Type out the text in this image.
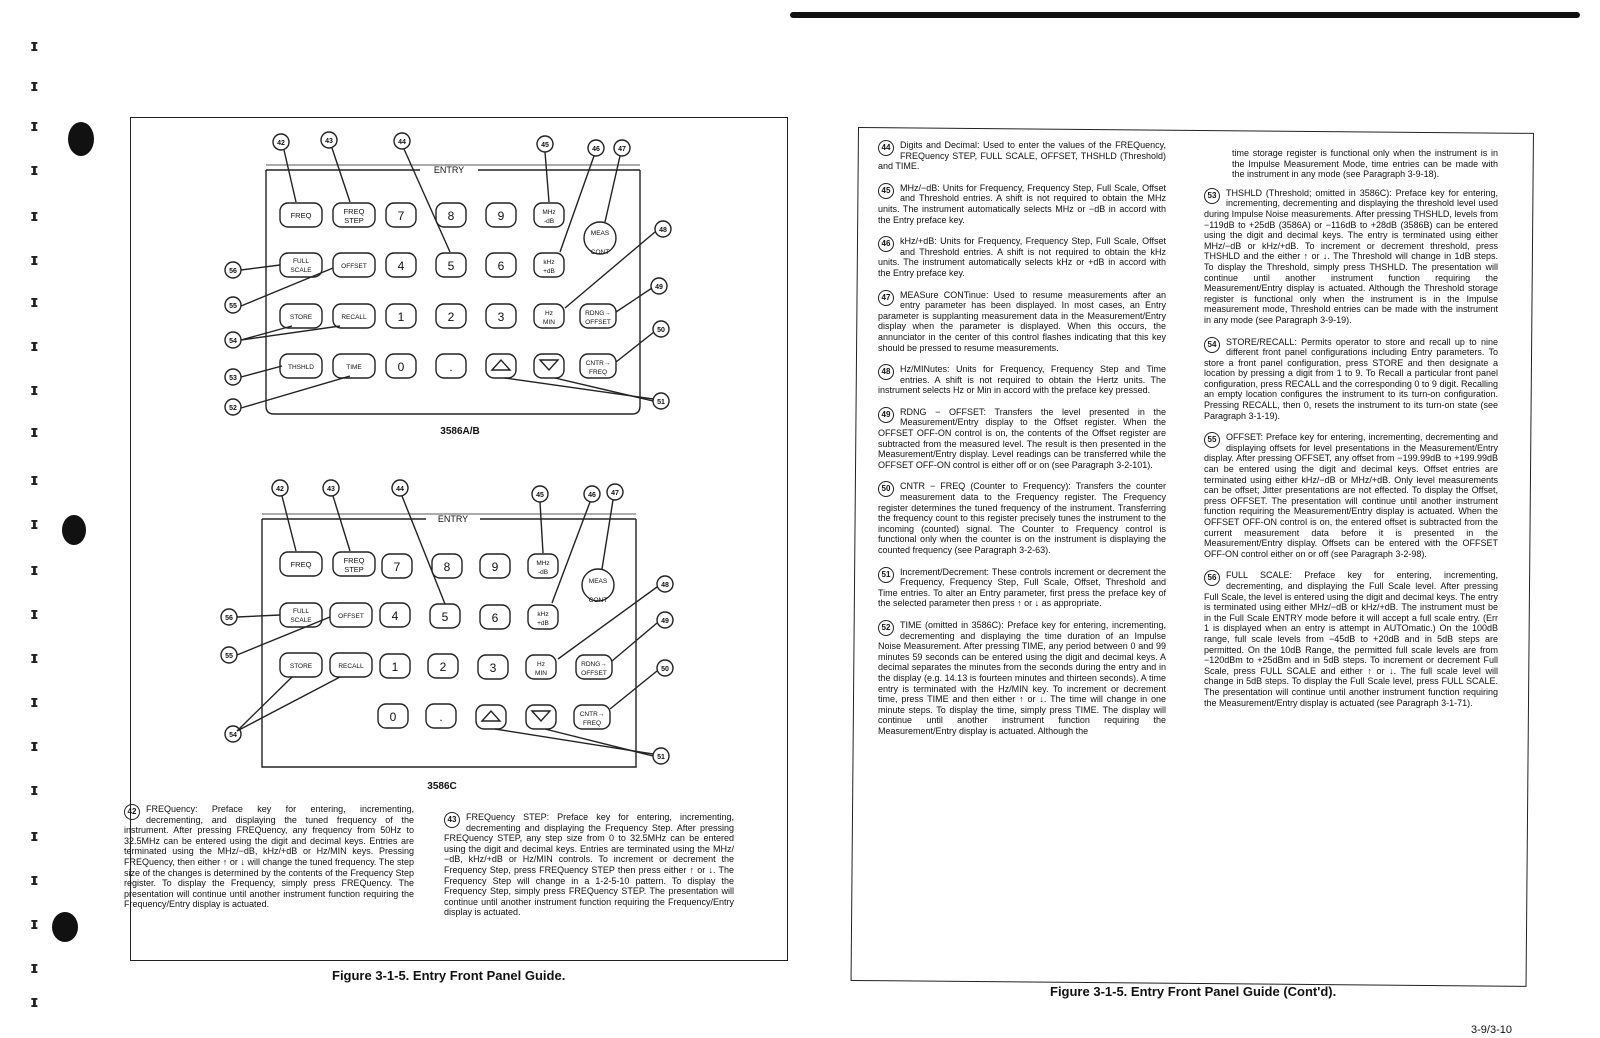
ɪ
ɪ
ɪ
ɪ
ɪ
ɪ
ɪ
ɪ
ɪ
ɪ
ɪ
ɪ
ɪ
ɪ
ɪ
ɪ
ɪ
ɪ
ɪ
ɪ
ɪ
ɪ
ɪ
ENTRY
FREQ	FREQ
STEP	7	8	9	MHz
-dB
MEAS
CONT
FULL
SCALE
OFFSET	4	5	6	kHz
+dB
STORE	RECALL	1	2	3	Hz
MIN
RDNG→
OFFSET
THSHLD	TIME	0	.	CNTR→
FREQ
42	43	44	45
46	47
48
49
50
51
56
55
54
53
52
3586A/B
ENTRY
FREQ	FREQ
STEP 7	8	9	MHz
-dB
MEAS
CONT
FULL
SCALE
OFFSET 4	5	6	kHz
+dB
STORE	RECALL 1	2	3	Hz
MIN
RDNG→
OFFSET
0	.	CNTR→
FREQ
42	43	44
45	46 47
48
49
50
51
56
55
54
3586C
42	FREQuency: Preface key for entering, incrementing, decrementing, and displaying the tuned frequency of the instrument. After pressing FREQuency, any frequency from 50Hz to 32.5MHz can be entered using the digit and decimal keys. Entries are terminated using the MHz/−dB, kHz/+dB or Hz/MIN keys. Pressing FREQuency, then either ↑ or ↓ will change the tuned frequency. The step size of the changes is determined by the contents of the Frequency Step register. To display the Frequency, simply press FREQuency. The presentation will continue until another instrument function requiring the Frequency/Entry display is actuated.
43	FREQuency STEP: Preface key for entering, incrementing, decrementing and displaying the Frequency Step. After pressing FREQuency STEP, any step size from 0 to 32.5MHz can be entered using the digit and decimal keys. Entries are terminated using the MHz/−dB, kHz/+dB or Hz/MIN controls. To increment or decrement the Frequency Step, press FREQuency STEP then press either ↑ or ↓. The Frequency Step will change in a 1-2-5-10 pattern. To display the Frequency Step, simply press FREQuency STEP. The presentation will continue until another instrument function requiring the Frequency/Entry display is actuated.
Figure 3-1-5. Entry Front Panel Guide.
44	Digits and Decimal: Used to enter the values of the FREQuency, FREQuency STEP, FULL SCALE, OFFSET, THSHLD (Threshold) and TIME.
45	MHz/−dB: Units for Frequency, Frequency Step, Full Scale, Offset and Threshold entries. A shift is not required to obtain the MHz units. The instrument automatically selects MHz or −dB in accord with the Entry preface key.
46	kHz/+dB: Units for Frequency, Frequency Step, Full Scale, Offset and Threshold entries. A shift is not required to obtain the kHz units. The instrument automatically selects kHz or +dB in accord with the Entry preface key.
47	MEASure CONTinue: Used to resume measurements after an entry parameter has been displayed. In most cases, an Entry parameter is supplanting measurement data in the Measurement/Entry display when the parameter is displayed. When this occurs, the annunciator in the center of this control flashes indicating that this key should be pressed to resume measurements.
48	Hz/MINutes: Units for Frequency, Frequency Step and Time entries. A shift is not required to obtain the Hertz units. The instrument selects Hz or Min in accord with the preface key pressed.
49	RDNG − OFFSET: Transfers the level presented in the Measurement/Entry display to the Offset register. When the OFFSET OFF-ON control is on, the contents of the Offset register are subtracted from the measured level. The result is then presented in the Measurement/Entry display. Level readings can be transferred while the OFFSET OFF-ON control is either off or on (see Paragraph 3-2-101).
50	CNTR − FREQ (Counter to Frequency): Transfers the counter measurement data to the Frequency register. The Frequency register determines the tuned frequency of the instrument. Transferring the frequency count to this register precisely tunes the instrument to the incoming (counted) signal. The Counter to Frequency control is functional only when the counter is on the instrument is displaying the counted frequency (see Paragraph 3-2-63).
51	Increment/Decrement: These controls increment or decrement the Frequency, Frequency Step, Full Scale, Offset, Threshold and Time entries. To alter an Entry parameter, first press the preface key of the selected parameter then press ↑ or ↓ as appropriate.
52	TIME (omitted in 3586C): Preface key for entering, incrementing, decrementing and displaying the time duration of an Impulse Noise Measurement. After pressing TIME, any period between 0 and 99 minutes 59 seconds can be entered using the digit and decimal keys. A decimal separates the minutes from the seconds during the entry and in the display (e.g. 14.13 is fourteen minutes and thirteen seconds). A time entry is terminated with the Hz/MIN key. To increment or decrement time, press TIME and then either ↑ or ↓. The time will change in one minute steps. To display the time, simply press TIME. The display will continue until another instrument function requiring the Measurement/Entry display is actuated. Although the
time storage register is functional only when the instrument is in the Impulse Measurement Mode, time entries can be made with the instrument in any mode (see Paragraph 3-9-18).
53	THSHLD (Threshold; omitted in 3586C): Preface key for entering, incrementing, decrementing and displaying the threshold level used during Impulse Noise measurements. After pressing THSHLD, levels from −119dB to +25dB (3586A) or −116dB to +28dB (3586B) can be entered using the digit and decimal keys. The entry is terminated using either MHz/−dB or kHz/+dB. To increment or decrement threshold, press THSHLD and the either ↑ or ↓. The Threshold will change in 1dB steps. To display the Threshold, simply press THSHLD. The presentation will continue until another instrument function requiring the Measurement/Entry display is actuated. Although the Threshold storage register is functional only when the instrument is in the Impulse measurement mode, Threshold entries can be made with the instrument in any mode (see Paragraph 3-9-19).
54	STORE/RECALL: Permits operator to store and recall up to nine different front panel configurations including Entry parameters. To store a front panel configuration, press STORE and then designate a location by pressing a digit from 1 to 9. To Recall a particular front panel configuration, press RECALL and the corresponding 0 to 9 digit. Recalling an empty location configures the instrument to its turn-on configuration. Pressing RECALL, then 0, resets the instrument to its turn-on state (see Paragraph 3-1-19).
55	OFFSET: Preface key for entering, incrementing, decrementing and displaying offsets for level presentations in the Measurement/Entry display. After pressing OFFSET, any offset from −199.99dB to +199.99dB can be entered using the digit and decimal keys. Offset entries are terminated using either kHz/−dB or MHz/+dB. Only level measurements can be offset; Jitter presentations are not effected. To display the Offset, press OFFSET. The presentation will continue until another instrument function requiring the Measurement/Entry display is actuated. When the OFFSET OFF-ON control is on, the entered offset is subtracted from the current measurement data before it is presented in the Measurement/Entry display. Offsets can be entered with the OFFSET OFF-ON control either on or off (see Paragraph 3-2-98).
56	FULL SCALE: Preface key for entering, incrementing, decrementing, and displaying the Full Scale level. After pressing Full Scale, the level is entered using the digit and decimal keys. The entry is terminated using either MHz/−dB or kHz/+dB. The instrument must be in the Full Scale ENTRY mode before it will accept a full scale entry. (Err 1 is displayed when an entry is attempt in AUTOmatic.) On the 100dB range, full scale levels from −45dB to +20dB and in 5dB steps are permitted. On the 10dB Range, the permitted full scale levels are from −120dBm to +25dBm and in 5dB steps. To increment or decrement Full Scale, press FULL SCALE and either ↑ or ↓. The full scale level will change in 5dB steps. To display the Full Scale level, press FULL SCALE. The presentation will continue until another instrument function requiring the Measurement/Entry display is actuated (see Paragraph 3-1-71).
Figure 3-1-5. Entry Front Panel Guide (Cont'd).
3-9/3-10
